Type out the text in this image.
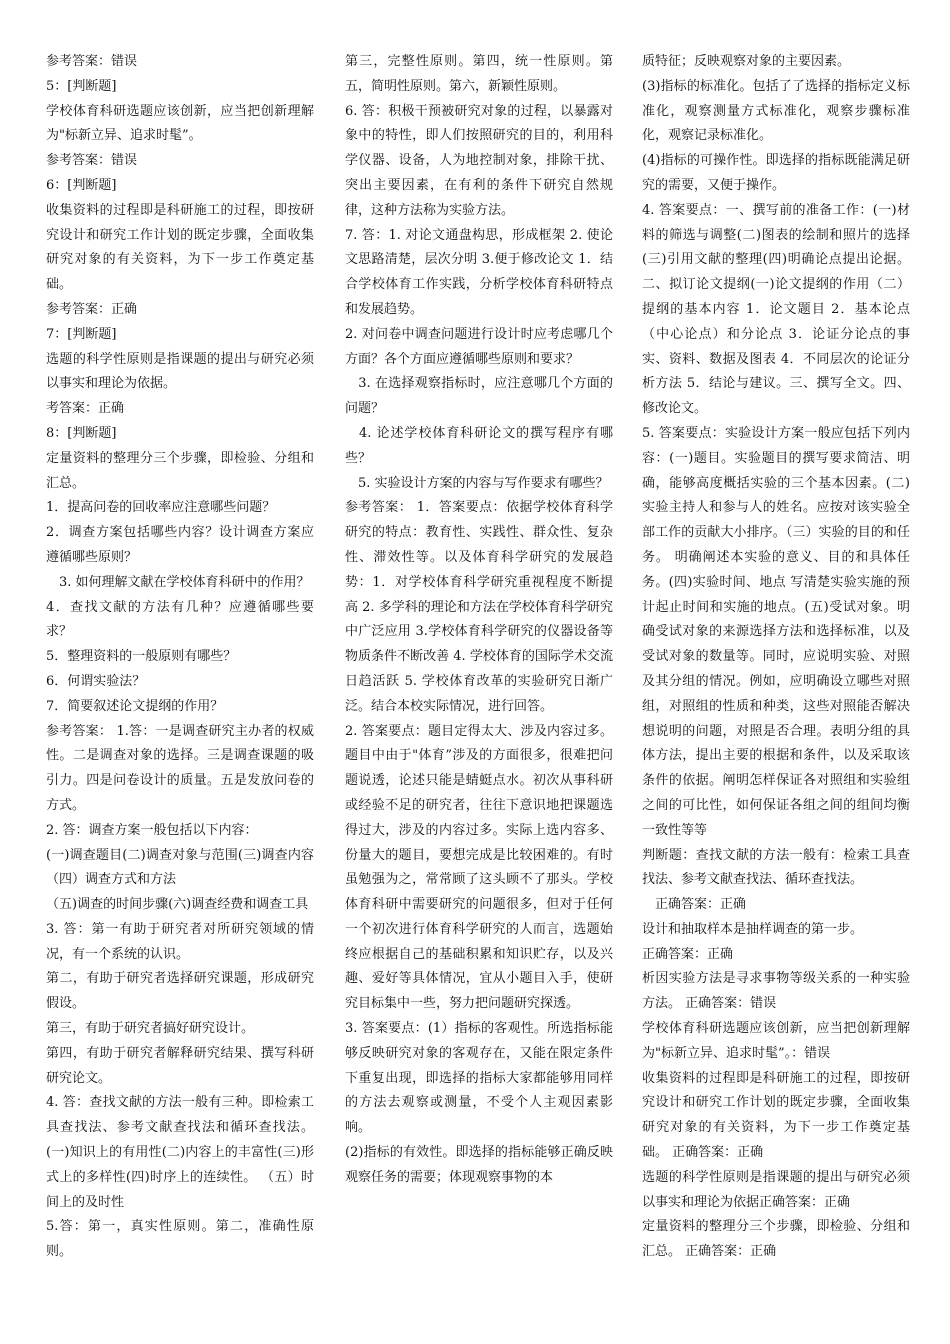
参考答案：错误

5：[判断题]

学校体育科研选题应该创新，应当把创新理解为"标新立异、追求时髦”。

参考答案：错误

6：[判断题]

收集资料的过程即是科研施工的过程，即按研究设计和研究工作计划的既定步骤，全面收集研究对象的有关资料，为下一步工作奠定基础。

参考答案：正确

7：[判断题]

选题的科学性原则是指课题的提出与研究必须以事实和理论为依据。

考答案：正确

8：[判断题]

定量资料的整理分三个步骤，即检验、分组和汇总。

1．提高问卷的回收率应注意哪些问题？

2．调查方案包括哪些内容？设计调查方案应遵循哪些原则？

　3. 如何理解文献在学校体育科研中的作用？

4．查找文献的方法有几种？应遵循哪些要求？

5．整理资料的一般原则有哪些？

6．何谓实验法？

7．简要叙述论文提纲的作用？

参考答案： 1.答：一是调查研究主办者的权威性。二是调查对象的选择。三是调查课题的吸引力。四是问卷设计的质量。五是发放问卷的方式。

2. 答：调查方案一般包括以下内容：

(一)调查题目(二)调查对象与范围(三)调查内容（四）调查方式和方法

（五)调查的时间步骤(六)调查经费和调查工具

3. 答：第一有助于研究者对所研究领域的情况，有一个系统的认识。

第二，有助于研究者选择研究课题，形成研究假设。

第三，有助于研究者搞好研究设计。

第四，有助于研究者解释研究结果、撰写科研研究论文。

4. 答：查找文献的方法一般有三种。即检索工具查找法、参考文献查找法和循环查找法。(一)知识上的有用性(二)内容上的丰富性(三)形式上的多样性(四)时序上的连续性。 （五）时间上的及时性

5.答：第一，真实性原则。第二，准确性原则。

第三，完整性原则。第四，统一性原则。第五，简明性原则。第六，新颖性原则。

6. 答：积极干预被研究对象的过程，以暴露对象中的特性，即人们按照研究的目的，利用科学仪器、设备，人为地控制对象，排除干扰、突出主要因素，在有利的条件下研究自然规律，这种方法称为实验方法。

7. 答：1. 对论文通盘构思，形成框架 2. 使论文思路清楚，层次分明 3.便于修改论文 1．结合学校体育工作实践，分析学校体育科研特点和发展趋势。

2. 对问卷中调查问题进行设计时应考虑哪几个方面？各个方面应遵循哪些原则和要求？

　3. 在选择观察指标时，应注意哪几个方面的问题？

　4. 论述学校体育科研论文的撰写程序有哪些？

　5. 实验设计方案的内容与写作要求有哪些？

参考答案： 1．答案要点：依据学校体育科学研究的特点：教育性、实践性、群众性、复杂性、滞效性等。以及体育科学研究的发展趋势：1．对学校体育科学研究重视程度不断提高 2. 多学科的理论和方法在学校体育科学研究中广泛应用 3.学校体育科学研究的仪器设备等物质条件不断改善 4. 学校体育的国际学术交流日趋活跃 5. 学校体育改革的实验研究日渐广泛。结合本校实际情况，进行回答。

2. 答案要点：题目定得太大、涉及内容过多。题目中由于"体育”涉及的方面很多，很难把问题说透，论述只能是蜻蜓点水。初次从事科研或经验不足的研究者，往往下意识地把课题选得过大，涉及的内容过多。实际上选内容多、份量大的题目，要想完成是比较困难的。有时虽勉强为之，常常顾了这头顾不了那头。学校体育科研中需要研究的问题很多，但对于任何一个初次进行体育科学研究的人而言，选题始终应根据自己的基础积累和知识贮存，以及兴趣、爱好等具体情况，宜从小题目入手，使研究目标集中一些，努力把问题研究探透。

3. 答案要点：(1）指标的客观性。所选指标能够反映研究对象的客观存在，又能在限定条件下重复出现，即选择的指标大家都能够用同样的方法去观察或测量，不受个人主观因素影响。

(2)指标的有效性。即选择的指标能够正确反映观察任务的需要；体现观察事物的本

质特征；反映观察对象的主要因素。

(3)指标的标准化。包括了了选择的指标定义标准化，观察测量方式标准化，观察步骤标准化，观察记录标准化。

(4)指标的可操作性。即选择的指标既能满足研究的需要，又便于操作。

4. 答案要点：一、撰写前的准备工作：(一)材料的筛选与调整(二)图表的绘制和照片的选择(三)引用文献的整理(四)明确论点提出论据。二、拟订论文提纲(一)论文提纲的作用（二）提纲的基本内容 1．论文题目 2．基本论点（中心论点）和分论点 3．论证分论点的事实、资料、数据及图表 4．不同层次的论证分析方法 5．结论与建议。三、撰写全文。四、修改论文。

5. 答案要点：实验设计方案一般应包括下列内容：(一)题目。实验题目的撰写要求简洁、明确，能够高度概括实验的三个基本因素。(二)实验主持人和参与人的姓名。应按对该实验全部工作的贡献大小排序。（三）实验的目的和任务。 明确阐述本实验的意义、目的和具体任务。(四)实验时间、地点 写清楚实验实施的预计起止时间和实施的地点。(五)受试对象。明确受试对象的来源选择方法和选择标准，以及受试对象的数量等。同时，应说明实验、对照及其分组的情况。例如，应明确设立哪些对照组，对照组的性质和种类，这些对照能否解决想说明的问题，对照是否合理。表明分组的具体方法，提出主要的根据和条件，以及采取该条件的依据。阐明怎样保证各对照组和实验组之间的可比性，如何保证各组之间的组间均衡一致性等等

判断题：查找文献的方法一般有：检索工具查找法、参考文献查找法、循环查找法。

　正确答案：正确

设计和抽取样本是抽样调查的第一步。

正确答案：正确

析因实验方法是寻求事物等级关系的一种实验方法。 正确答案：错误

学校体育科研选题应该创新，应当把创新理解为"标新立异、追求时髦”。：错误

收集资料的过程即是科研施工的过程，即按研究设计和研究工作计划的既定步骤，全面收集研究对象的有关资料，为下一步工作奠定基础。 正确答案：正确

选题的科学性原则是指课题的提出与研究必须以事实和理论为依据正确答案：正确

定量资料的整理分三个步骤，即检验、分组和汇总。 正确答案：正确
